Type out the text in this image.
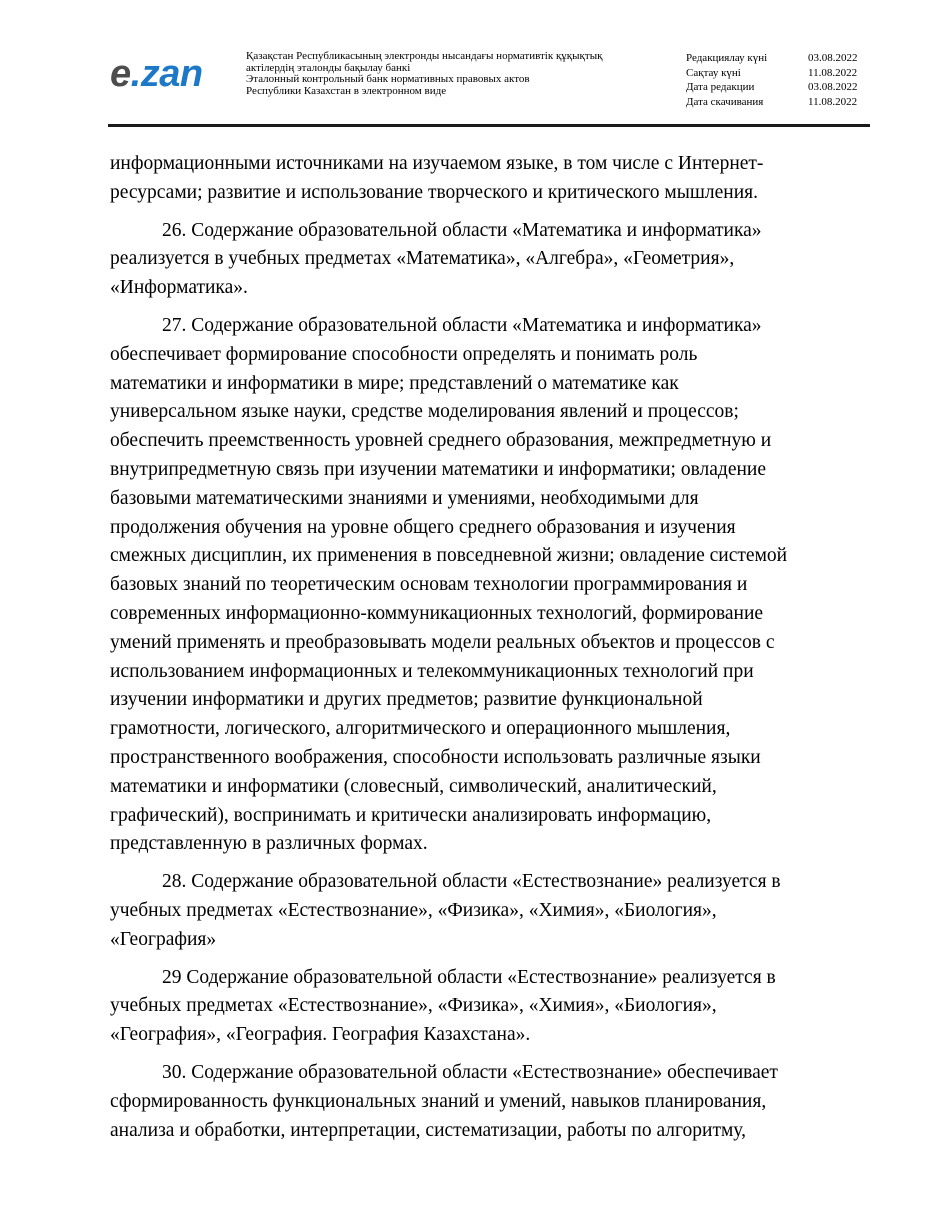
e.zan	Қазақстан Республикасының электронды нысандағы нормативтік құқықтық
актілердің эталонды бақылау банкі
Эталонный контрольный банк нормативных правовых актов
Республики Казахстан в электронном виде
Редакциялау күні	03.08.2022
Сақтау күні	11.08.2022
Дата редакции	03.08.2022
Дата скачивания	11.08.2022
информационными источниками на изучаемом языке, в том числе с Интернет-
ресурсами; развитие и использование творческого и критического мышления.
26. Содержание образовательной области «Математика и информатика»
реализуется в учебных предметах «Математика», «Алгебра», «Геометрия»,
«Информатика».
27. Содержание образовательной области «Математика и информатика»
обеспечивает формирование способности определять и понимать роль
математики и информатики в мире; представлений о математике как
универсальном языке науки, средстве моделирования явлений и процессов;
обеспечить преемственность уровней среднего образования, межпредметную и
внутрипредметную связь при изучении математики и информатики; овладение
базовыми математическими знаниями и умениями, необходимыми для
продолжения обучения на уровне общего среднего образования и изучения
смежных дисциплин, их применения в повседневной жизни; овладение системой
базовых знаний по теоретическим основам технологии программирования и
современных информационно-коммуникационных технологий, формирование
умений применять и преобразовывать модели реальных объектов и процессов с
использованием информационных и телекоммуникационных технологий при
изучении информатики и других предметов; развитие функциональной
грамотности, логического, алгоритмического и операционного мышления,
пространственного воображения, способности использовать различные языки
математики и информатики (словесный, символический, аналитический,
графический), воспринимать и критически анализировать информацию,
представленную в различных формах.
28. Содержание образовательной области «Естествознание» реализуется в
учебных предметах «Естествознание», «Физика», «Химия», «Биология»,
«География»
29 Содержание образовательной области «Естествознание» реализуется в
учебных предметах «Естествознание», «Физика», «Химия», «Биология»,
«География», «География. География Казахстана».
30. Содержание образовательной области «Естествознание» обеспечивает
сформированность функциональных знаний и умений, навыков планирования,
анализа и обработки, интерпретации, систематизации, работы по алгоритму,
